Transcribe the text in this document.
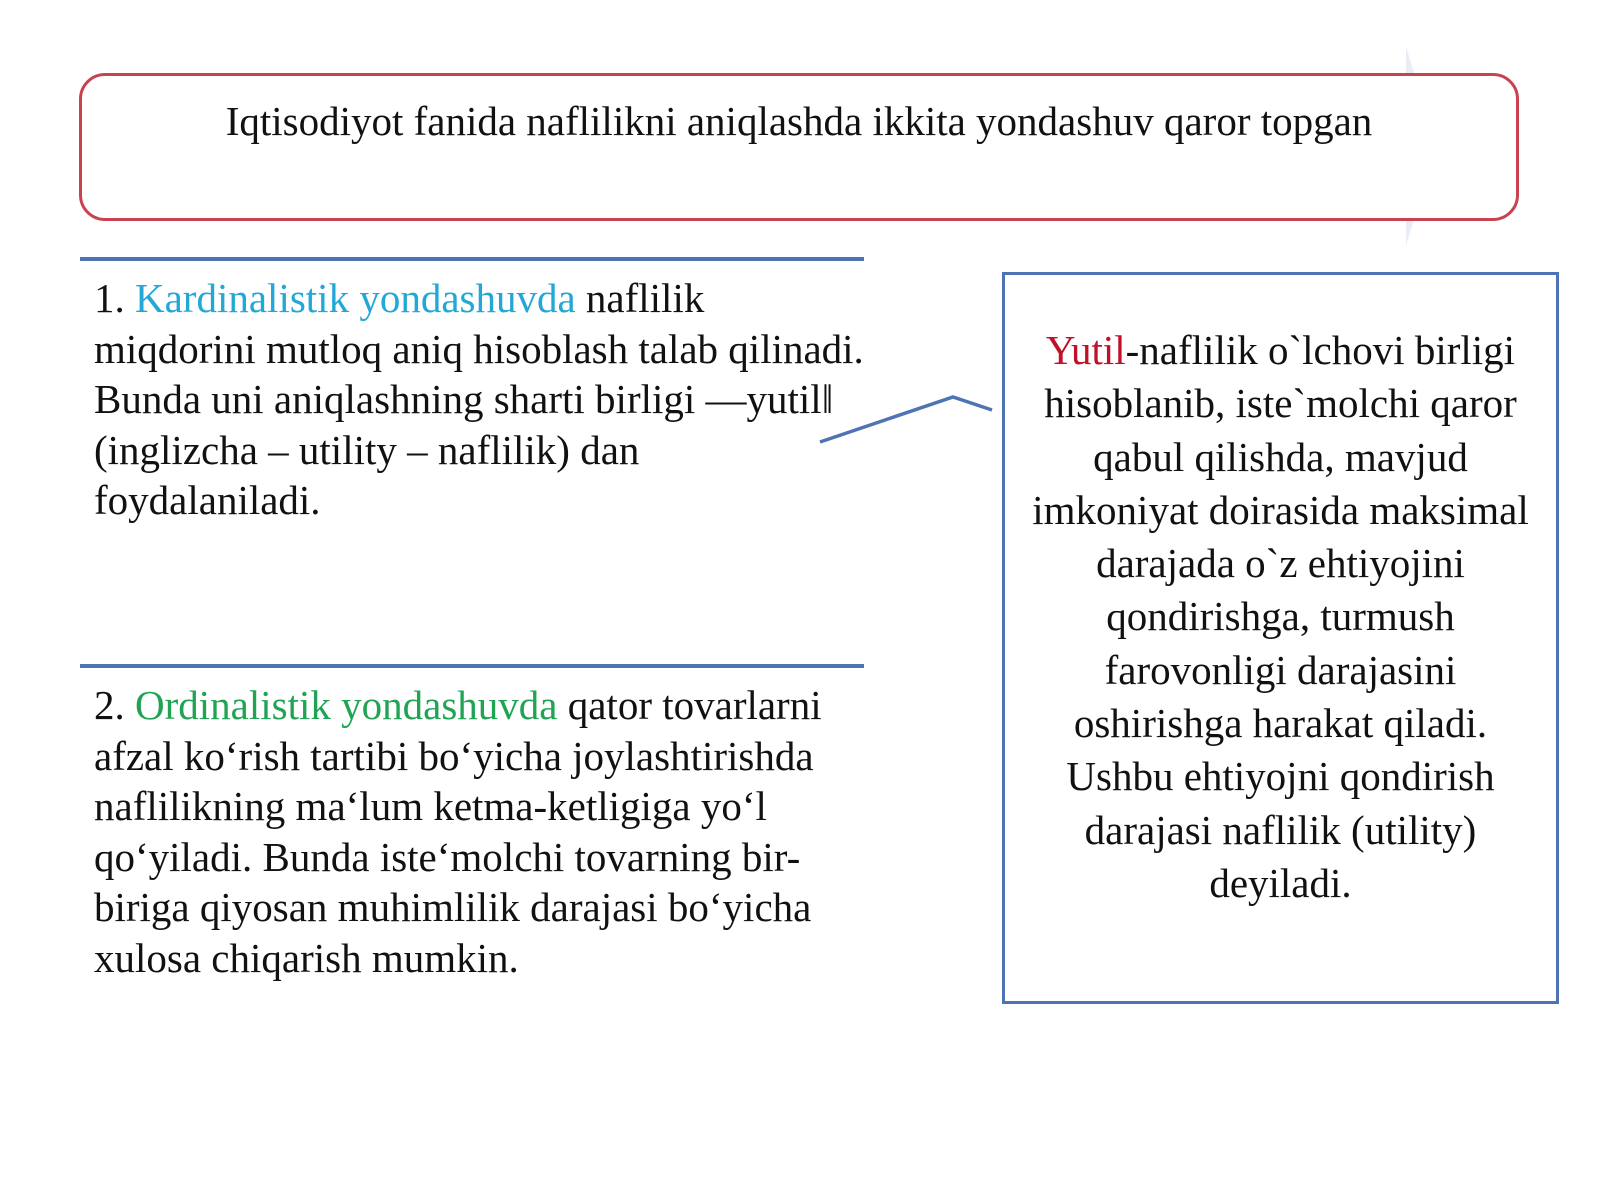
Iqtisodiyot fanida naflilikni aniqlashda ikkita yondashuv qaror topgan
1. Kardinalistik yondashuvda naflilik miqdorini mutloq aniq hisoblash talab qilinadi. Bunda uni aniqlashning sharti birligi ―yutil‖ (inglizcha – utility – naflilik) dan foydalaniladi.
2. Ordinalistik yondashuvda qator tovarlarni afzal ko‘rish tartibi bo‘yicha joylashtirishda naflilikning ma‘lum ketma-ketligiga yo‘l qo‘yiladi. Bunda iste‘molchi tovarning bir-biriga qiyosan muhimlilik darajasi bo‘yicha xulosa chiqarish mumkin.
Yutil-naflilik o`lchovi birligi hisoblanib, iste`molchi qaror qabul qilishda, mavjud imkoniyat doirasida maksimal darajada o`z ehtiyojini qondirishga, turmush farovonligi darajasini oshirishga harakat qiladi. Ushbu ehtiyojni qondirish darajasi naflilik (utility) deyiladi.
